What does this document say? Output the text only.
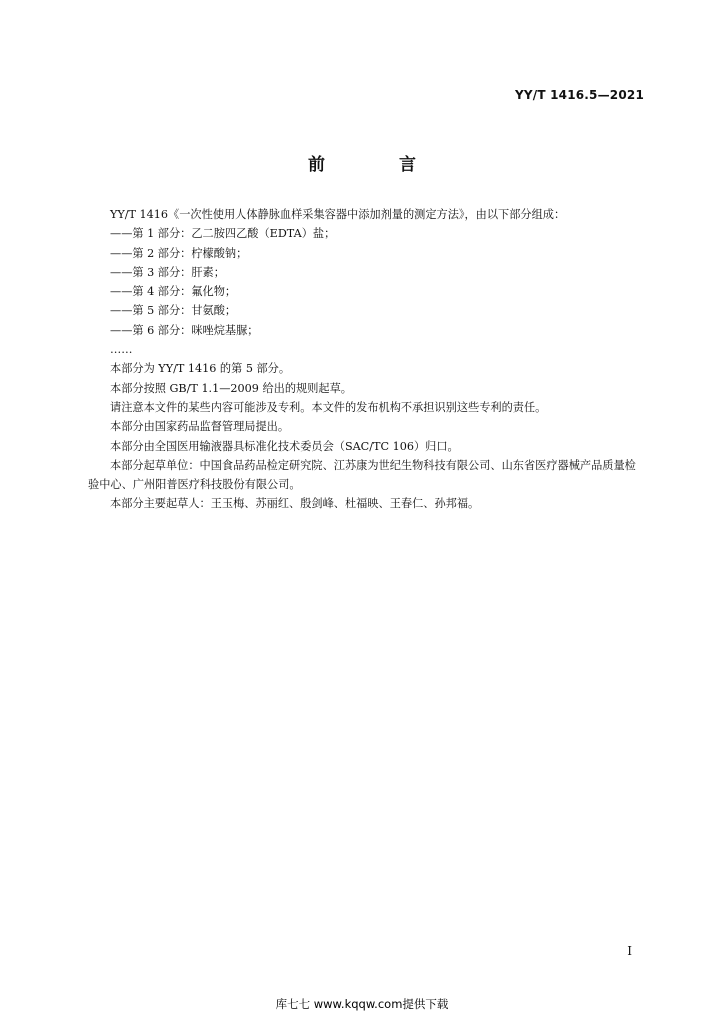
YY/T 1416.5—2021
前 言

YY/T 1416《一次性使用人体静脉血样采集容器中添加剂量的测定方法》，由以下部分组成：

——第 1 部分：乙二胺四乙酸（EDTA）盐；

——第 2 部分：柠檬酸钠；

——第 3 部分：肝素；

——第 4 部分：氟化物；

——第 5 部分：甘氨酸；

——第 6 部分：咪唑烷基脲；

……

本部分为 YY/T 1416 的第 5 部分。

本部分按照 GB/T 1.1—2009 给出的规则起草。

请注意本文件的某些内容可能涉及专利。本文件的发布机构不承担识别这些专利的责任。

本部分由国家药品监督管理局提出。

本部分由全国医用输液器具标准化技术委员会（SAC/TC 106）归口。

本部分起草单位：中国食品药品检定研究院、江苏康为世纪生物科技有限公司、山东省医疗器械产品质量检验中心、广州阳普医疗科技股份有限公司。

本部分主要起草人：王玉梅、苏丽红、殷剑峰、杜福映、王春仁、孙邦福。

I
库七七 www.kqqw.com提供下载
